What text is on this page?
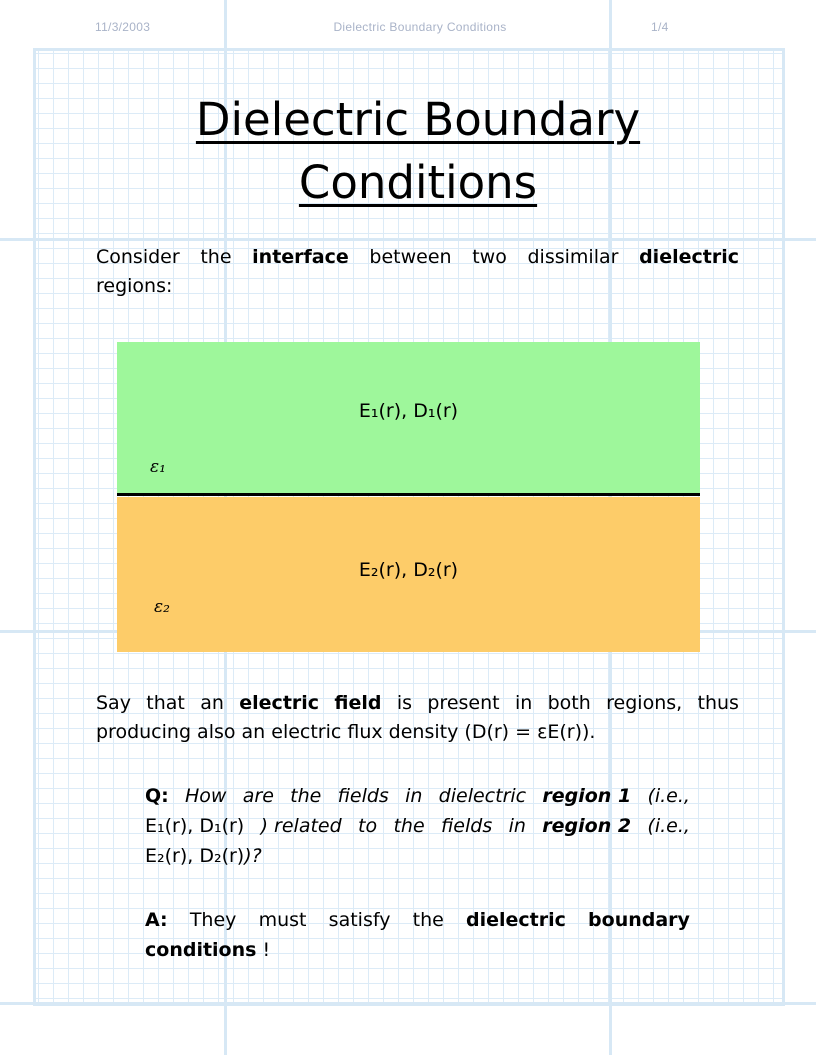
11/3/2003	Dielectric Boundary Conditions	1/4
Dielectric Boundary
Conditions
Consider the interface between two dissimilar dielectric
regions:
E₁(r), D₁(r)
ε₁
E₂(r), D₂(r)
ε₂
Say that an electric field is present in both regions, thus
producing also an electric flux density (D(r) = εE(r)).
Q: How are the fields in dielectric region 1 (i.e.,
E₁(r), D₁(r) ) related to the fields in region 2 (i.e.,
E₂(r), D₂(r))?
A: They must satisfy the dielectric boundary
conditions !
